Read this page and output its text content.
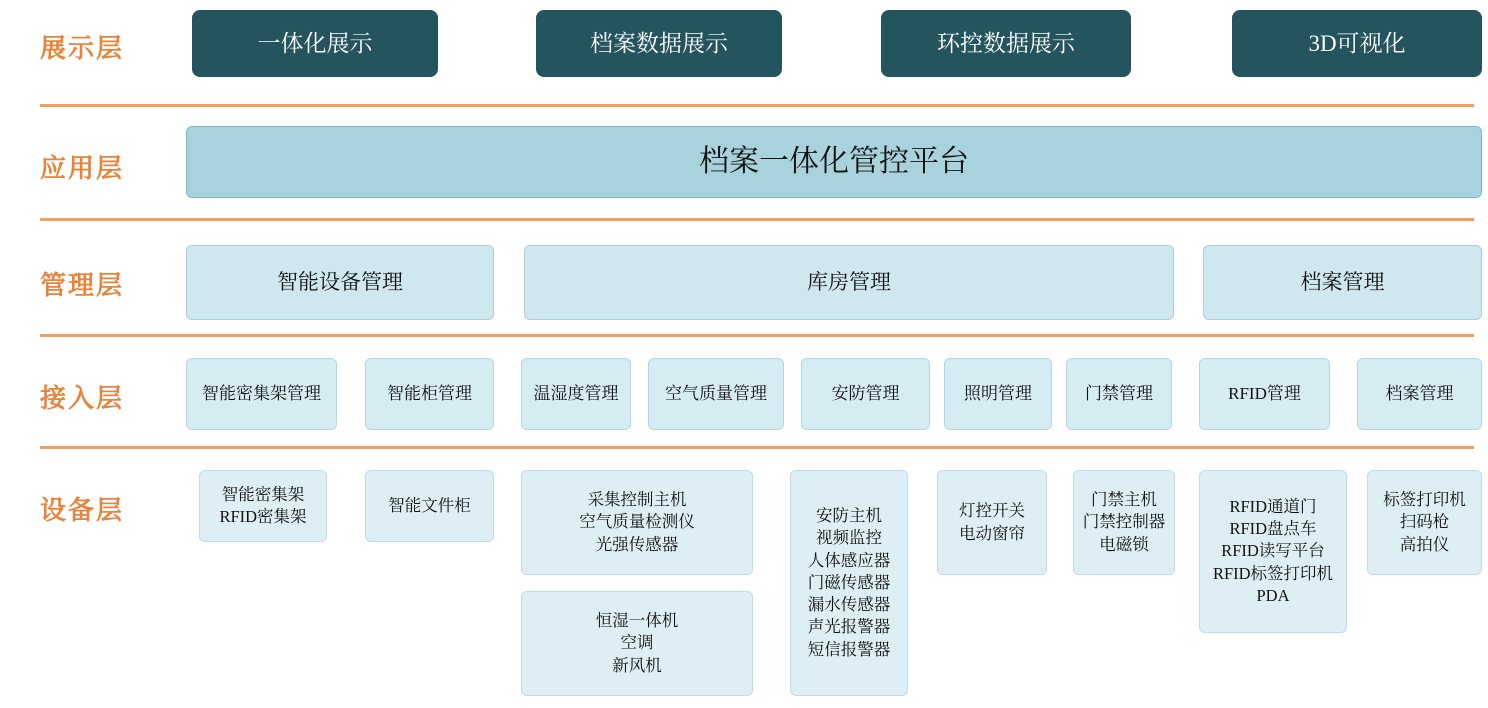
展示层
应用层
管理层
接入层
设备层
一体化展示	档案数据展示	环控数据展示	3D可视化
档案一体化管控平台
智能设备管理	库房管理	档案管理
智能密集架管理	智能柜管理	温湿度管理	空气质量管理	安防管理	照明管理	门禁管理	RFID管理	档案管理
智能密集架
RFID密集架
智能文件柜	采集控制主机
空气质量检测仪
光强传感器
恒湿一体机
空调
新风机
安防主机
视频监控
人体感应器
门磁传感器
漏水传感器
声光报警器
短信报警器
灯控开关
电动窗帘
门禁主机
门禁控制器
电磁锁
RFID通道门
RFID盘点车
RFID读写平台
RFID标签打印机
PDA
标签打印机
扫码枪
高拍仪
